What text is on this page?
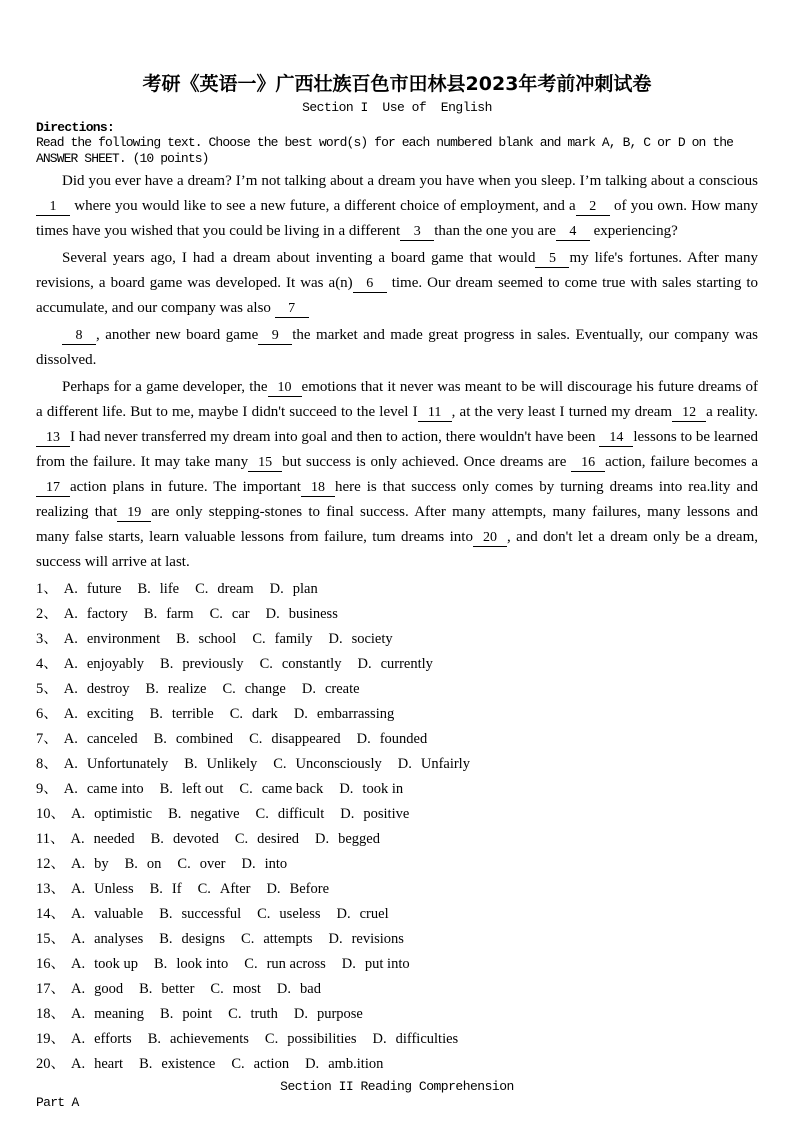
考研《英语一》广西壮族百色市田林县2023年考前冲刺试卷
Section I  Use of  English
Directions:
Read the following text. Choose the best word(s) for each numbered blank and mark A, B, C or D on the ANSWER SHEET. (10 points)

Did you ever have a dream? I’m not talking about a dream you have when you sleep. I’m talking about a conscious 1 where you would like to see a new future, a different choice of employment, and a 2 of you own. How many times have you wished that you could be living in a different 3 than the one you are 4 experiencing?

Several years ago, I had a dream about inventing a board game that would 5 my life's fortunes. After many revisions, a board game was developed. It was a(n) 6 time. Our dream seemed to come true with sales starting to accumulate, and our company was also 7

8 , another new board game 9 the market and made great progress in sales. Eventually, our company was dissolved.

Perhaps for a game developer, the 10 emotions that it never was meant to be will discourage his future dreams of a different life. But to me, maybe I didn't succeed to the level I 11 , at the very least I turned my dream 12 a reality. 13 I had never transferred my dream into goal and then to action, there wouldn't have been 14 lessons to be learned from the failure. It may take many 15 but success is only achieved. Once dreams are 16 action, failure becomes a 17 action plans in future. The important 18 here is that success only comes by turning dreams into rea.lity and realizing that 19 are only stepping-stones to final success. After many attempts, many failures, many lessons and many false starts, learn valuable lessons from failure, tum dreams into 20 , and don't let a dream only be a dream, success will arrive at last.

1、 A. future B. life C. dream D. plan
2、 A. factory B. farm C. car D. business
3、 A. environment B. school C. family D. society
4、 A. enjoyably B. previously C. constantly D. currently
5、 A. destroy B. realize C. change D. create
6、 A. exciting B. terrible C. dark D. embarrassing
7、 A. canceled B. combined C. disappeared D. founded
8、 A. Unfortunately B. Unlikely C. Unconsciously D. Unfairly
9、 A. came into B. left out C. came back D. took in
10、 A. optimistic B. negative C. difficult D. positive
11、 A. needed B. devoted C. desired D. begged
12、 A. by B. on C. over D. into
13、 A. Unless B. If C. After D. Before
14、 A. valuable B. successful C. useless D. cruel
15、 A. analyses B. designs C. attempts D. revisions
16、 A. took up B. look into C. run across D. put into
17、 A. good B. better C. most D. bad
18、 A. meaning B. point C. truth D. purpose
19、 A. efforts B. achievements C. possibilities D. difficulties
20、 A. heart B. existence C. action D. amb.ition
Section II Reading Comprehension
Part A
